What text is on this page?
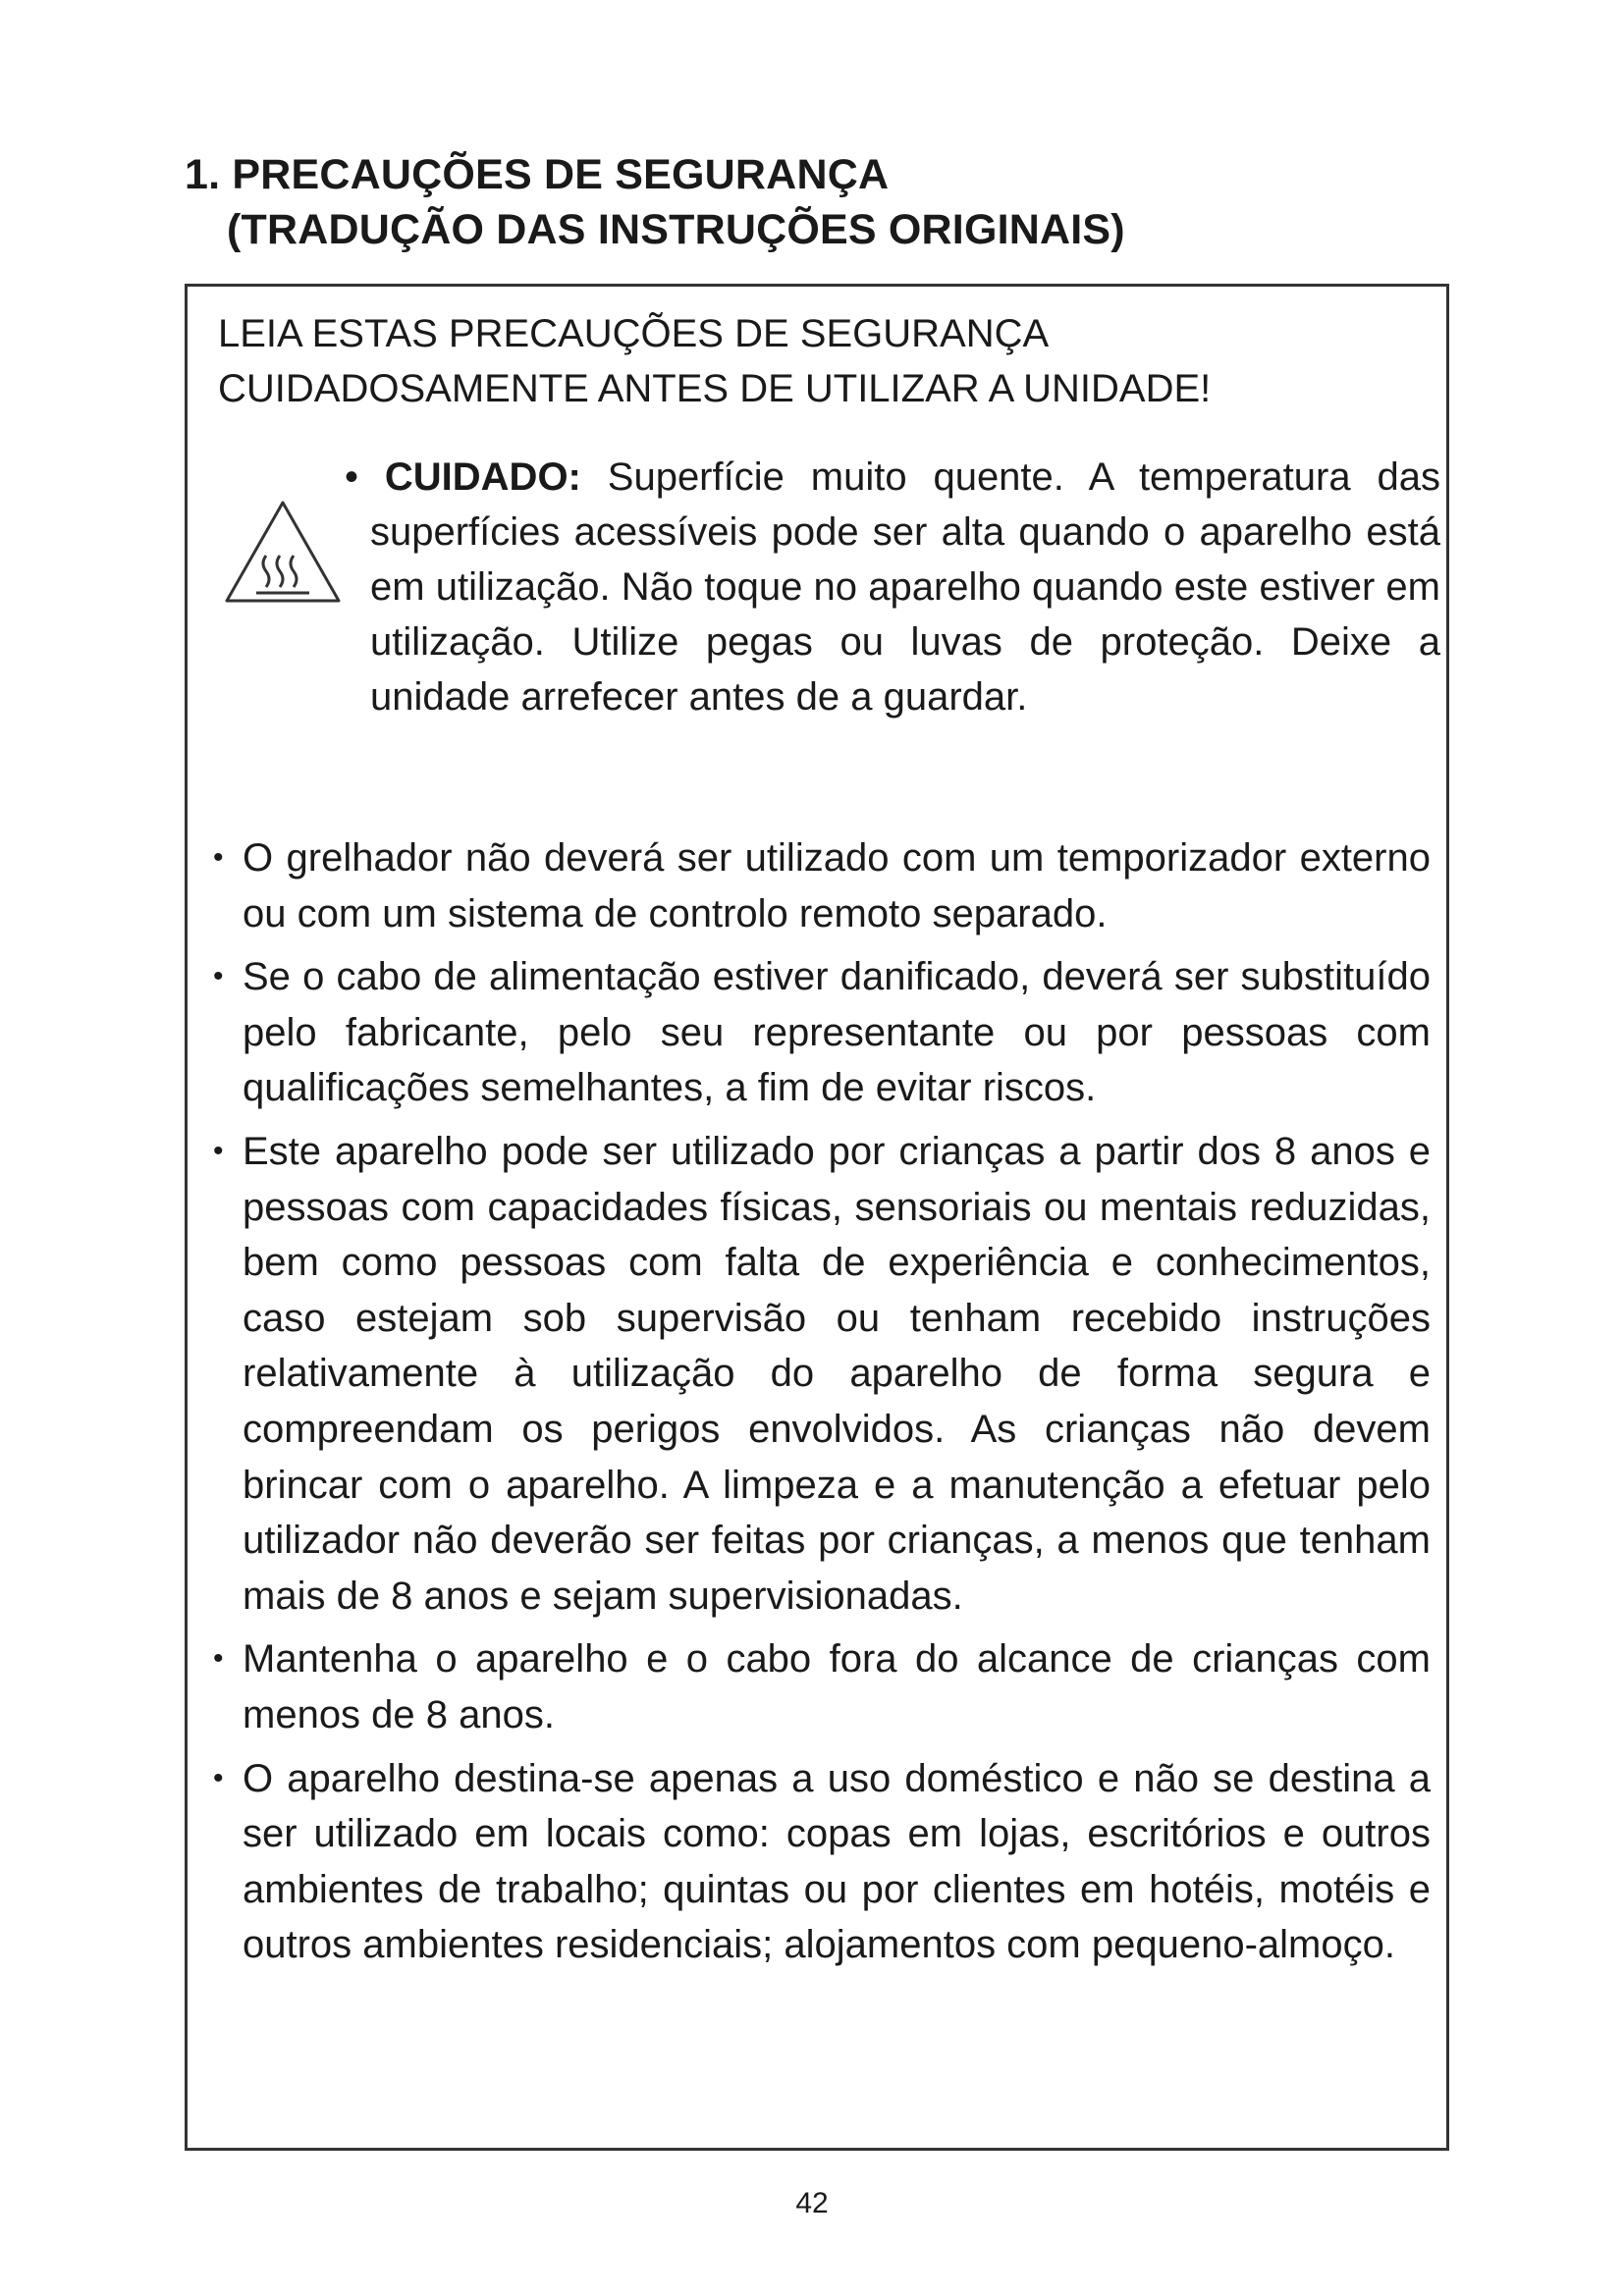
1. PRECAUÇÕES DE SEGURANÇA
(TRADUÇÃO DAS INSTRUÇÕES ORIGINAIS)

LEIA ESTAS PRECAUÇÕES DE SEGURANÇA CUIDADOSAMENTE ANTES DE UTILIZAR A UNIDADE!

• CUIDADO: Superfície muito quente. A temperatura das superfícies acessíveis pode ser alta quando o aparelho está em utilização. Não toque no aparelho quando este estiver em utilização. Utilize pegas ou luvas de proteção. Deixe a unidade arrefecer antes de a guardar.

• O grelhador não deverá ser utilizado com um temporizador externo ou com um sistema de controlo remoto separado.
• Se o cabo de alimentação estiver danificado, deverá ser substituído pelo fabricante, pelo seu representante ou por pessoas com qualificações semelhantes, a fim de evitar riscos.
• Este aparelho pode ser utilizado por crianças a partir dos 8 anos e pessoas com capacidades físicas, sensoriais ou mentais reduzidas, bem como pessoas com falta de experiência e conhecimentos, caso estejam sob supervisão ou tenham recebido instruções relativamente à utilização do aparelho de forma segura e compreendam os perigos envolvidos. As crianças não devem brincar com o aparelho. A limpeza e a manutenção a efetuar pelo utilizador não deverão ser feitas por crianças, a menos que tenham mais de 8 anos e sejam supervisionadas.
• Mantenha o aparelho e o cabo fora do alcance de crianças com menos de 8 anos.
• O aparelho destina-se apenas a uso doméstico e não se destina a ser utilizado em locais como: copas em lojas, escritórios e outros ambientes de trabalho; quintas ou por clientes em hotéis, motéis e outros ambientes residenciais; alojamentos com pequeno-almoço.
42
